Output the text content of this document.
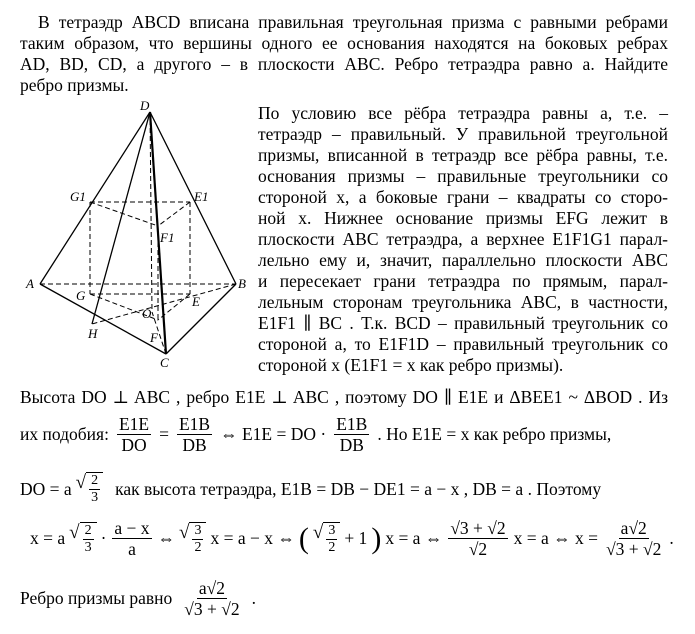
В тетраэдр ABCD вписана правильная треугольная призма с равными ребрами
таким образом, что вершины одного ее основания находятся на боковых ребрах
AD, BD, CD, а другого – в плоскости ABC. Ребро тетраэдра равно a. Найдите
ребро призмы.
D
A	B
C
G1	E1
F1
G	E
F
O
H
По условию все рёбра тетраэдра равны a, т.е. –
тетраэдр – правильный. У правильной треугольной
призмы, вписанной в тетраэдр все рёбра равны, т.е.
основания призмы – правильные треугольники со
стороной x, а боковые грани – квадраты со сторо-
ной x. Нижнее основание призмы EFG лежит в
плоскости ABC тетраэдра, а верхнее E1F1G1 парал-
лельно ему и, значит, параллельно плоскости ABC
и пересекает грани тетраэдра по прямым, парал-
лельным сторонам треугольника ABC, в частности,
E1F1 ∥ BC . Т.к. BCD – правильный треугольник со
стороной a, то E1F1D – правильный треугольник со
стороной x (E1F1 = x как ребро призмы).
Высота DO ⊥ ABC , ребро E1E ⊥ ABC , поэтому DO ∥ E1E и ΔBEE1 ~ ΔBOD . Из
их подобия: $\frac{E1E}{DO} = \frac{E1B}{DB}$ ⇔ E1E = DO · $\frac{E1B}{DB}$ . Но E1E = x как ребро призмы,
DO = a √ $\frac{2}{3}$ как высота тетраэдра, E1B = DB − DE1 = a − x , DB = a . Поэтому
x = a √ $\frac{2}{3} \cdot \frac{a - x}{a}$ ⇔ √ $\frac{3}{2}$ x = a − x ⇔ ( √ $\frac{3}{2} + 1$ ) x = a ⇔ $\frac{√3 + √2}{√2}$ x = a ⇔ $x = \frac{a√2}{√3 + √2}$ .
Ребро призмы равно $\frac{a√2}{√3 + √2}$ .
